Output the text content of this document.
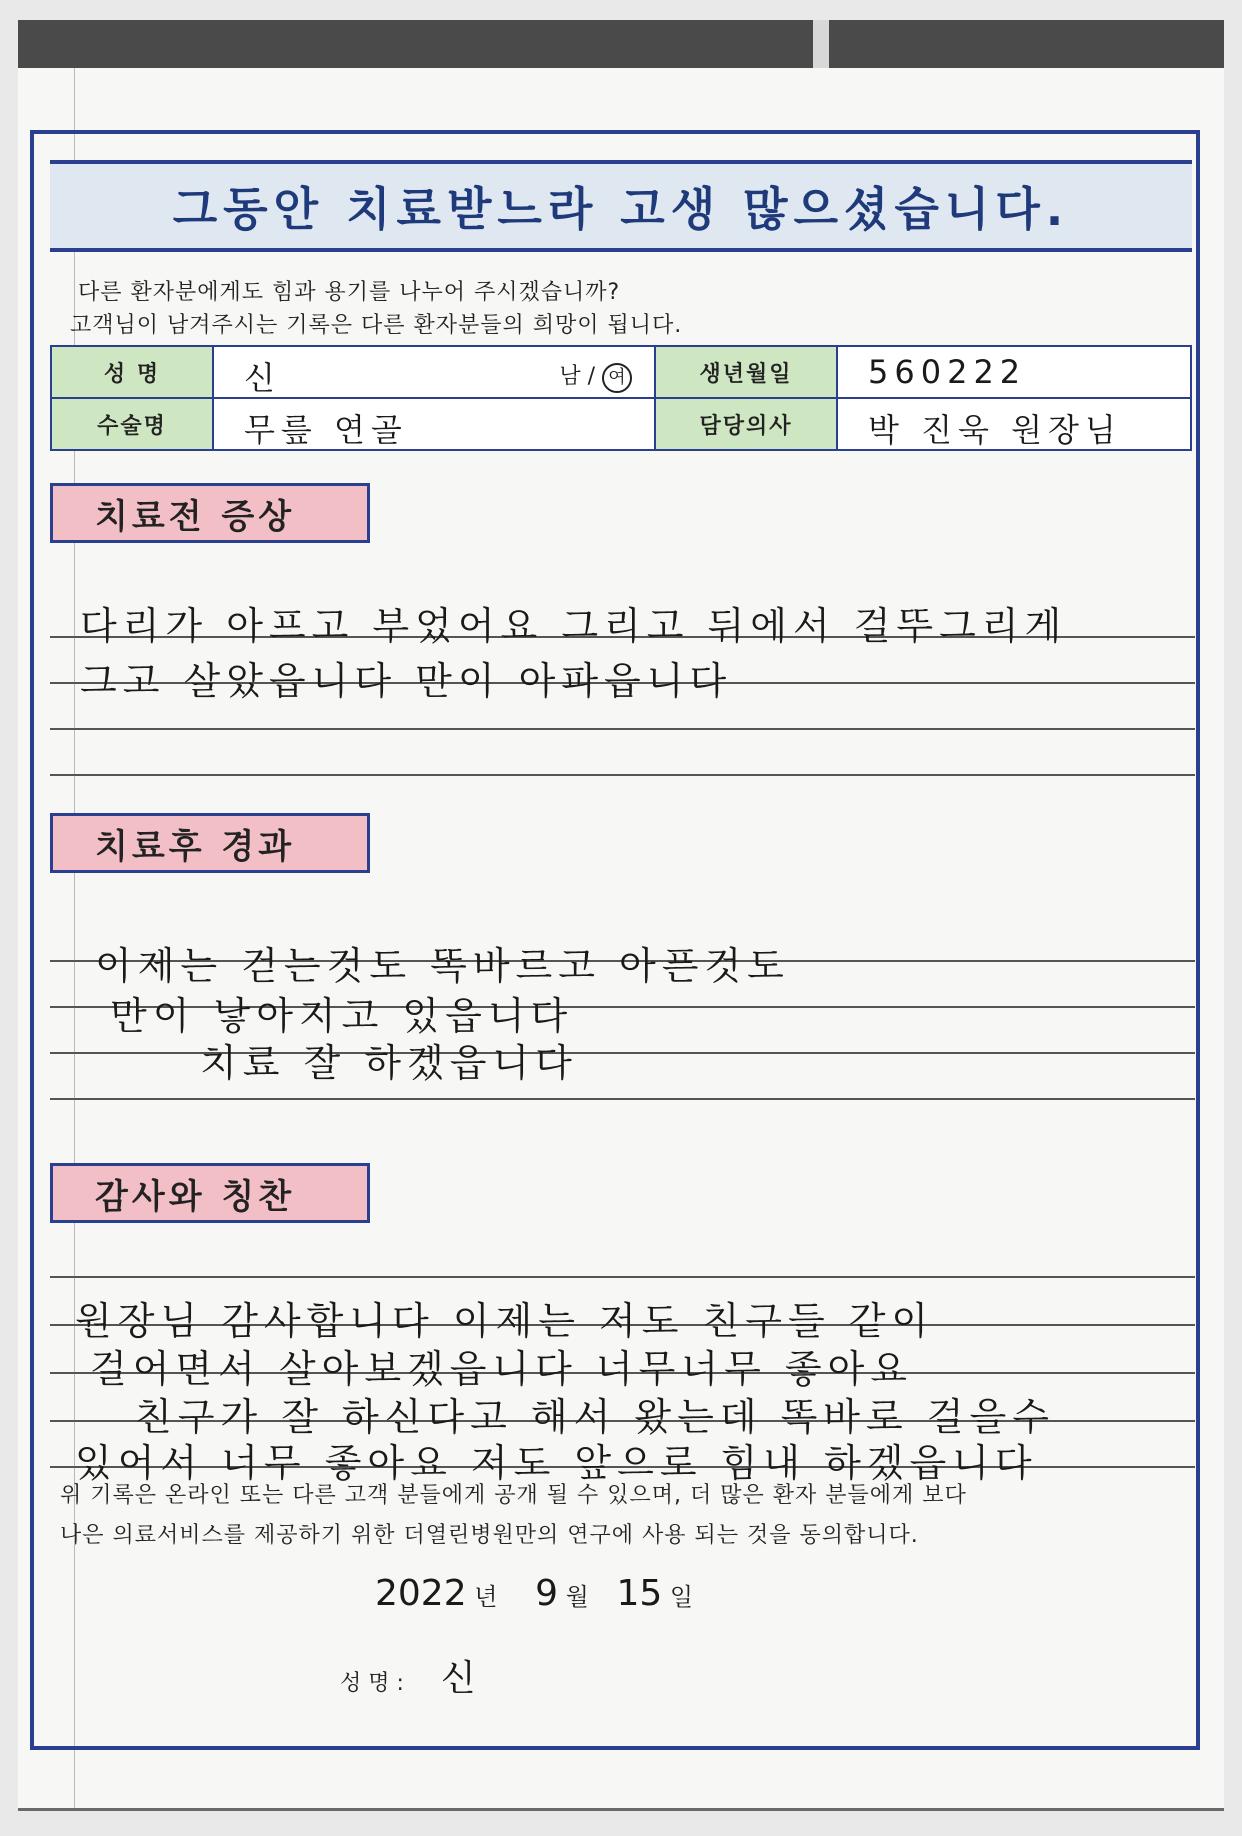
그동안 치료받느라 고생 많으셨습니다.
다른 환자분에게도 힘과 용기를 나누어 주시겠습니까?
고객님이 남겨주시는 기록은 다른 환자분들의 희망이 됩니다.
성 명	신 남 / 여	생년월일	560222

수술명	무릎 연골	담당의사	박 진욱 원장님
치료전 증상
다리가 아프고 부었어요 그리고 뒤에서 걸뚜그리게
그고 살았읍니다 만이 아파읍니다
치료후 경과
이제는 걷는것도 똑바르고 아픈것도
만이 낳아지고 있읍니다
치료 잘 하겠읍니다
감사와 칭찬
원장님 감사합니다 이제는 저도 친구들 같이
걸어면서 살아보겠읍니다 너무너무 좋아요
친구가 잘 하신다고 해서 왔는데 똑바로 걸을수
있어서 너무 좋아요 저도 앞으로 힘내 하겠읍니다
위 기록은 온라인 또는 다른 고객 분들에게 공개 될 수 있으며, 더 많은 환자 분들에게 보다
나은 의료서비스를 제공하기 위한 더열린병원만의 연구에 사용 되는 것을 동의합니다.
2022 년 9 월 15 일
성 명 : 신
